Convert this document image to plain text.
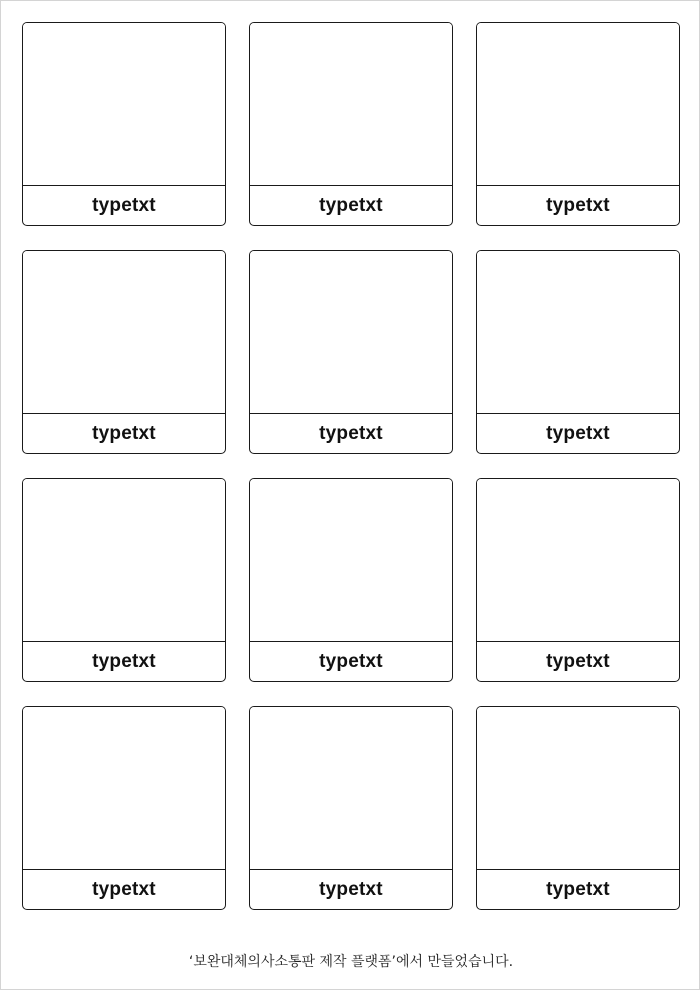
typetxt	typetxt	typetxt
typetxt	typetxt	typetxt
typetxt	typetxt	typetxt
typetxt	typetxt	typetxt
‘보완대체의사소통판 제작 플랫폼’에서 만들었습니다.
